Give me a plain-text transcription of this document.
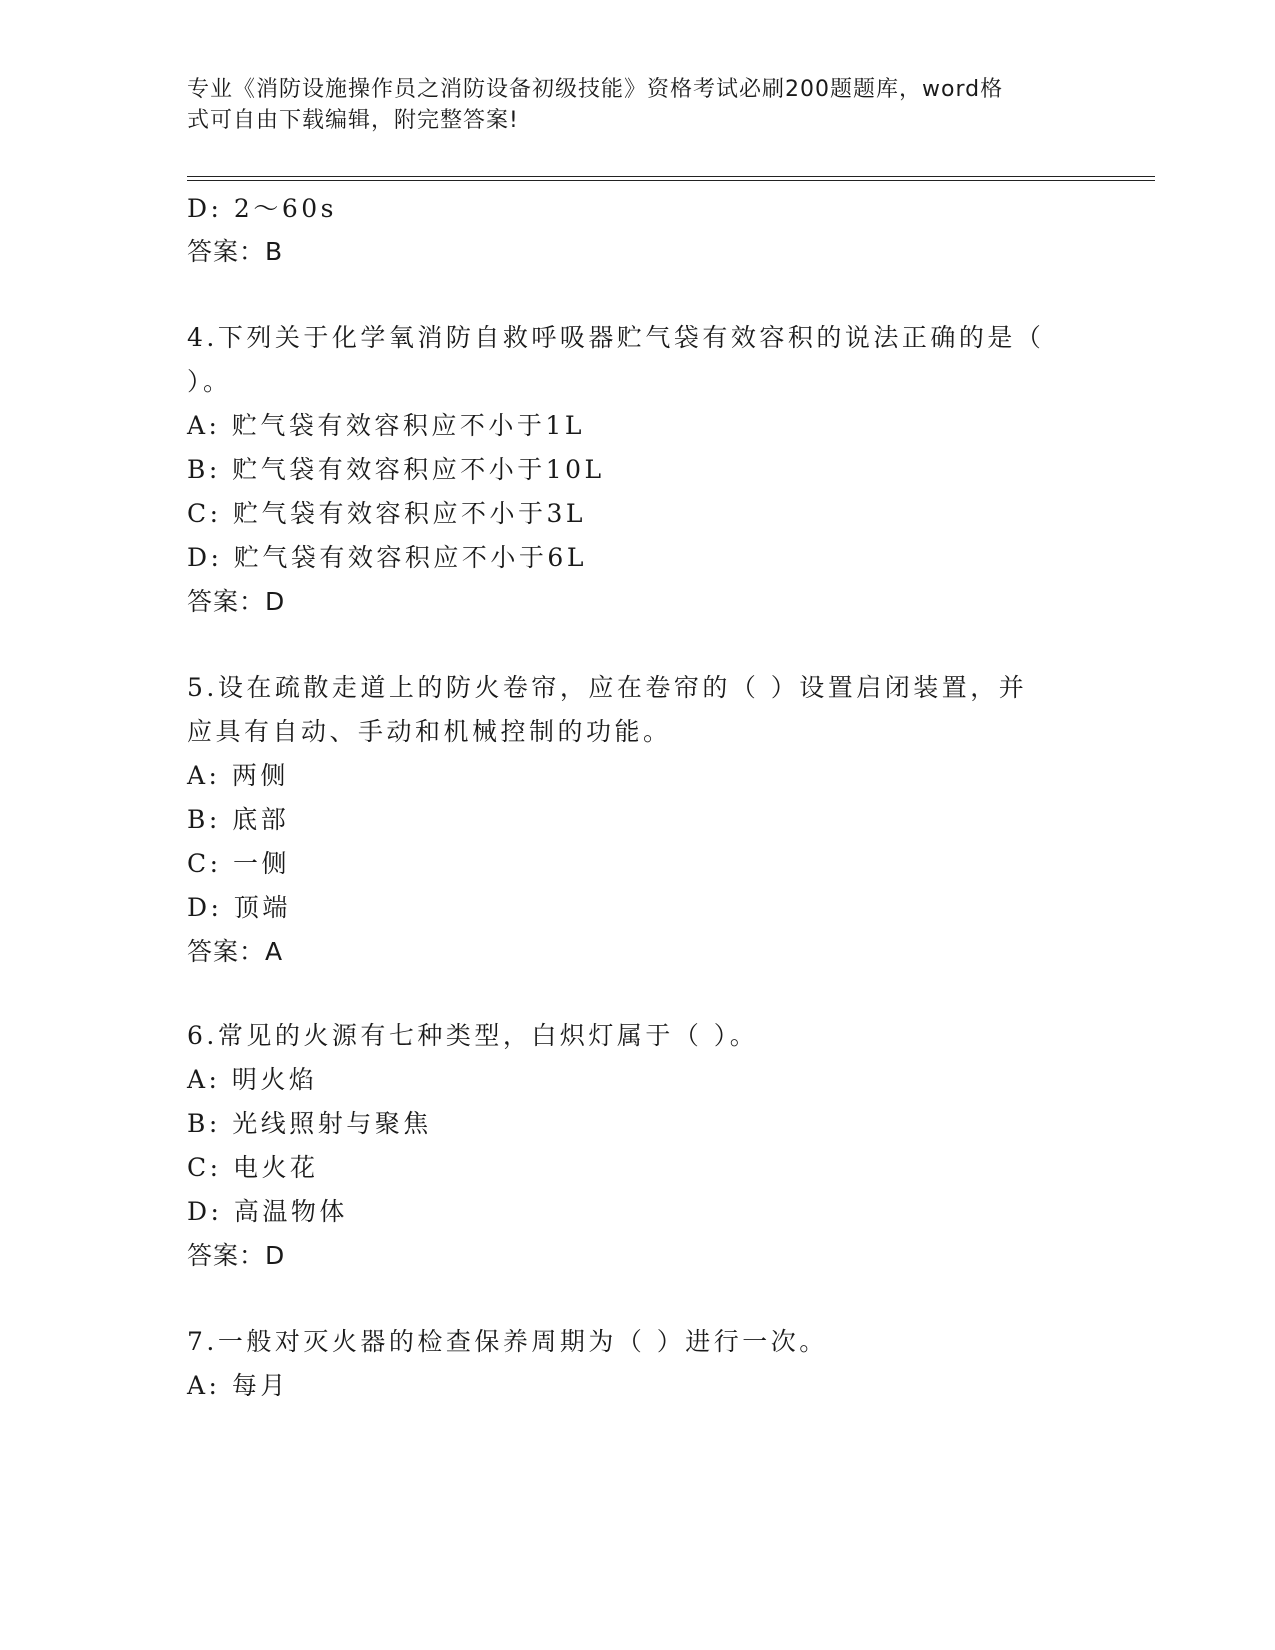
专业《消防设施操作员之消防设备初级技能》资格考试必刷200题题库，word格
式可自由下载编辑，附完整答案!
D: 2～60s
答案：B
4.下列关于化学氧消防自救呼吸器贮气袋有效容积的说法正确的是（
）。
A: 贮气袋有效容积应不小于1L
B: 贮气袋有效容积应不小于10L
C: 贮气袋有效容积应不小于3L
D: 贮气袋有效容积应不小于6L
答案：D
5.设在疏散走道上的防火卷帘，应在卷帘的（ ）设置启闭装置，并
应具有自动、手动和机械控制的功能。
A: 两侧
B: 底部
C: 一侧
D: 顶端
答案：A
6.常见的火源有七种类型，白炽灯属于（ ）。
A: 明火焰
B: 光线照射与聚焦
C: 电火花
D: 高温物体
答案：D
7.一般对灭火器的检查保养周期为（ ）进行一次。
A: 每月
